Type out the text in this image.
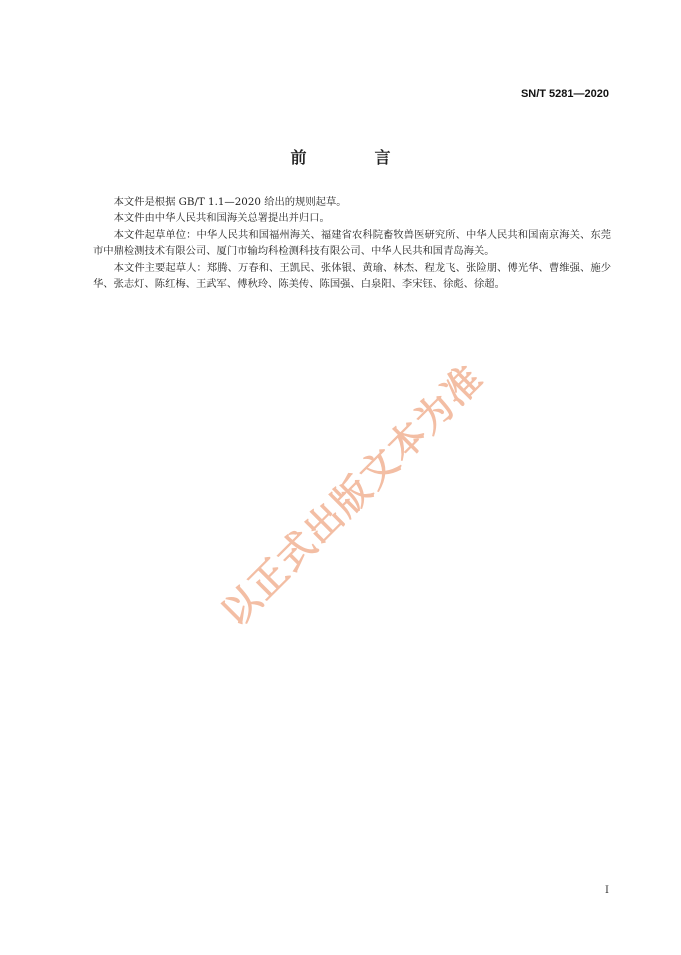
SN/T 5281—2020
前　言

本文件是根据 GB/T 1.1—2020 给出的规则起草。

本文件由中华人民共和国海关总署提出并归口。

本文件起草单位：中华人民共和国福州海关、福建省农科院畜牧兽医研究所、中华人民共和国南京海关、东莞市中鼎检测技术有限公司、厦门市输均科检测科技有限公司、中华人民共和国青岛海关。

本文件主要起草人：郑腾、万春和、王凯民、张体银、黄瑜、林杰、程龙飞、张险朋、傅光华、曹维强、施少华、张志灯、陈红梅、王武军、傅秋玲、陈美传、陈国强、白泉阳、李宋钰、徐彪、徐超。

以正式出版文本为准
I
